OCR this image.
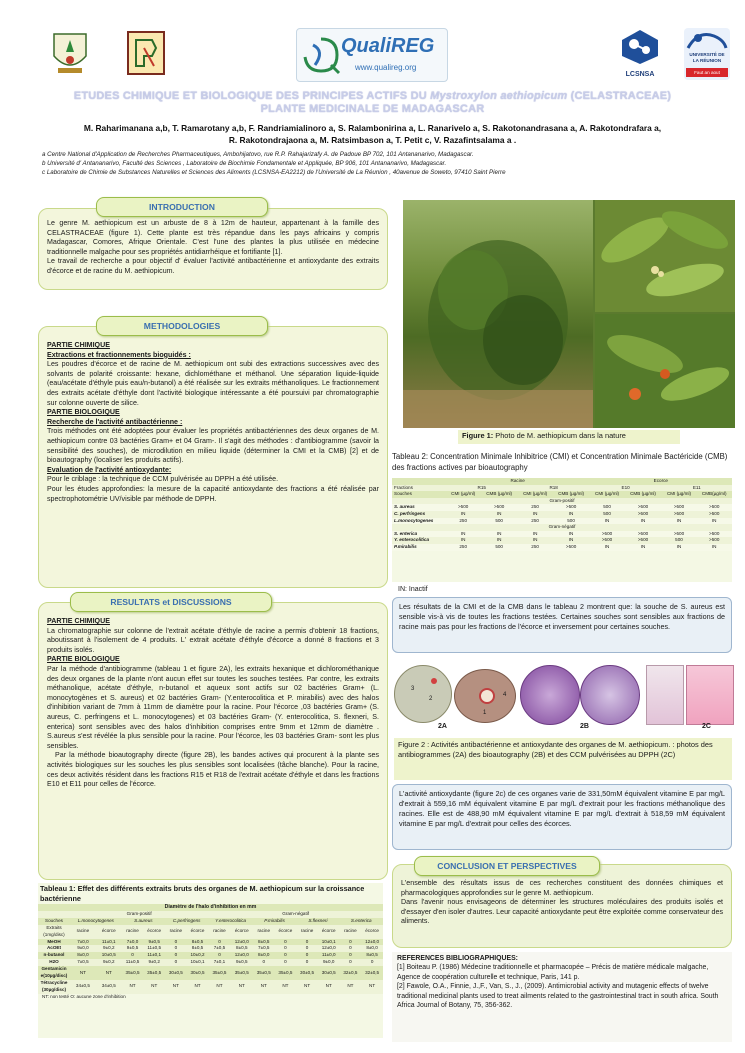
QualiREG
www.qualireg.org
LCSNSA
UNIVERSITÉ DE
LA RÉUNION
Faut an aout
ETUDES CHIMIQUE ET BIOLOGIQUE DES PRINCIPES ACTIFS DU Mystroxylon aethiopicum (CELASTRACEAE)
PLANTE MEDICINALE DE MADAGASCAR
M. Raharimanana a,b, T. Ramarotany a,b, F. Randriamialinoro a, S. Ralambonirina a, L. Ranarivelo a, S. Rakotonandrasana a, A. Rakotondrafara a,
R. Rakotondrajaona a, M. Ratsimbason a, T. Petit c, V. Razafintsalama a .
a Centre National d'Application de Recherches Pharmaceutiques, Ambohijatovo, rue R.P. Rahajarizafy A. de Padoue BP 702, 101 Antananarivo, Madagascar.
b Université d' Antananarivo, Faculté des Sciences , Laboratoire de Biochimie Fondamentale et Appliquée, BP 906, 101 Antananarivo, Madagascar.
c Laboratoire de Chimie de Substances Naturelles et Sciences des Aliments (LCSNSA-EA2212) de l'Université de La Réunion , 40avenue de Soweto, 97410 Saint Pierre

Le genre M. aethiopicum est un arbuste de 8 à 12m de hauteur, appartenant à la famille des CELASTRACEAE (figure 1). Cette plante est très répandue dans les pays africains y compris Madagascar, Comores, Afrique Orientale. C'est l'une des plantes la plus utilisée en médecine traditionnelle malgache pour ses propriétés antidiarrhéique et fortifiante [1].

Le travail de recherche a pour objectif d' évaluer l'activité antibactérienne et antioxydante des extraits d'écorce et de racine du M. aethiopicum.

INTRODUCTION

PARTIE CHIMIQUE

Extractions et fractionnements bioguidés :

Les poudres d'écorce et de racine de M. aethiopicum ont subi des extractions successives avec des solvants de polarité croissante: hexane, dichlométhane et méthanol. Une séparation liquide-liquide (eau/acétate d'éthyle puis eau/n-butanol) a été réalisée sur les extraits méthanoliques. Le fractionnement des extraits acétate d'éthyle dont l'activité biologique intéressante a été poursuivi par chromatographie sur colonne ouverte de silice.

PARTIE BIOLOGIQUE

Recherche de l'activité antibactérienne :

Trois méthodes ont été adoptées pour évaluer les propriétés antibactériennes des deux organes de M. aethiopicum contre 03 bactéries Gram+ et 04 Gram-. Il s'agit des méthodes : d'antibiogramme (savoir la sensibilité des souches), de microdilution en milieu liquide (déterminer la CMI et la CMB) [2] et de bioautography (localiser les produits actifs).

Evaluation de l'activité antioxydante:

Pour le criblage : la technique de CCM pulvérisée au DPPH a été utilisée.

Pour les études approfondies: la mesure de la capacité antioxydante des fractions a été réalisée par spectrophotométrie UV/visible par méthode de DPPH.

METHODOLOGIES

PARTIE CHIMIQUE

La chromatographie sur colonne de l'extrait acétate d'éthyle de racine a permis d'obtenir 18 fractions, aboutissant à l'isolement de 4 produits. L' extrait acétate d'éthyle d'écorce a donné 8 fractions et 3 produits isolés.

PARTIE BIOLOGIQUE

Par la méthode d'antibiogramme (tableau 1 et figure 2A), les extraits hexanique et dichlorométhanique des deux organes de la plante n'ont aucun effet sur toutes les souches testées. Par contre, les extraits méthanolique, acétate d'éthyle, n-butanol et aqueux sont actifs sur 02 bactéries Gram+ (L. monocytogènes et S. aureus) et 02 bactéries Gram- (Y.enterocolitica et P. mirabilis) avec des halos d'inhibition variant de 7mm à 11mm de diamètre pour la racine. Pour l'écorce ,03 bactéries Gram+ (S. aureus, C. perfringens et L. monocytogenes) et 03 bactéries Gram- (Y. enterocolitica, S. flexneri, S. enterica) sont sensibles avec des halos d'inhibition comprises entre 9mm et 12mm de diamètre . S.aureus s'est révélée la plus sensible pour la racine. Pour l'écorce, les 03 bactéries Gram- sont les plus sensibles.

Par la méthode bioautography directe (figure 2B), les bandes actives qui procurent à la plante ses activités biologiques sur les souches les plus sensibles sont localisées (tâche blanche). Pour la racine, ces deux activités résident dans les fractions R15 et R18 de l'extrait acétate d'éthyle et dans les fractions E10 et E11 pour celles de l'écorce.

RESULTATS et DISCUSSIONS
Tableau 1: Effet des différents extraits bruts des organes de M. aethiopicum sur la croissance bactérienne
Diamètre de l'halo d'inhibition en mm														
	Gram-positif						Gram-négatif							
Souches	L.monocytogenes		S.aureus		C.perfringens		Y.enterocolitica		P.mirabilis		S.flexneri		S.enterica	
Extraits (1mg/disc)	racine	écorce	racine	écorce	racine	écorce	racine	écorce	racine	écorce	racine	écorce	racine	écorce
MeOH	7±0,0	11±0,1	7±0,0	9±0,5	0	8±0,5	0	12±0,0	8±0,5	0	0	10±0,1	0	12±0,0
AcOEt	9±0,0	9±0,2	9±0,5	11±0,5	0	8±0,5	7±0,5	8±0,5	7±0,5	0	0	12±0,0	0	8±0,0
n-butanol	8±0,0	10±0,5	0	11±0,1	0	10±0,2	0	12±0,0	8±0,0	0	0	11±0,0	0	8±0,5
H2O	7±0,5	9±0,2	11±0,5	9±0,2	0	10±0,1	7±0,1	9±0,5	0	0	0	9±0,0	0	0
Gentamicin e(10µg/disc)	NT	NT	35±0,5	35±0,5	30±0,5	30±0,5	35±0,5	35±0,5	35±0,5	35±0,5	30±0,5	30±0,5	32±0,5	32±0,5
Tétracycline (30µg/disc)	34±0,5	34±0,5	NT	NT	NT	NT	NT	NT	NT	NT	NT	NT	NT	NT
NT: non testé O: aucune zone d'inhibition
Figure 1: Photo de M. aethiopicum dans la nature
Tableau 2: Concentration Minimale Inhibitrice (CMI) et Concentration Minimale Bactéricide (CMB) des fractions actives par bioautography
	Racine				Ecorce			
Fractions	R15		R18		E10		E11	
Souches	CMI (µg/ml)	CMB (µg/ml)	CMI (µg/ml)	CMB (µg/ml)	CMI (µg/ml)	CMB (µg/ml)	CMI (µg/ml)	CMB(µg/ml)
Gram-positif								
S. aureus	>500	>500	250	>500	500	>500	>500	>500
C. perfringens	IN	IN	IN	IN	500	>500	>500	>500
L.monocytogenes	250	500	250	500	IN	IN	IN	IN
Gram-négatif								
S. enterica	IN	IN	IN	IN	>500	>500	>500	>500
Y. enterocolitica	IN	IN	IN	IN	>500	>500	500	>500
P.mirabilis	250	500	250	>500	IN	IN	IN	IN
IN: Inactif
Les résultats de la CMI et de la CMB dans le tableau 2 montrent que: la souche de S. aureus est sensible vis-à vis de toutes les fractions testées. Certaines souches sont sensibles aux fractions de racine mais pas pour les fractions de l'écorce et inversement pour certaines souches.
3
2
1
4
2A	2B	2C
Figure 2 : Activités antibactérienne et antioxydante des organes de M. aethiopicum. : photos des antibiogrammes (2A) des bioautography (2B) et des CCM pulvérisées au DPPH (2C)
L'activité antioxydante (figure 2c) de ces organes varie de 331,50mM équivalent vitamine E par mg/L d'extrait à 559,16 mM équivalent vitamine E par mg/L d'extrait pour les fractions méthanolique des racines. Elle est de 488,90 mM équivalent vitamine E par mg/L d'extrait à 518,59 mM équivalent vitamine E par mg/L d'extrait pour celles des écorces.

L'ensemble des résultats issus de ces recherches constituent des données chimiques et pharmacologiques approfondies sur le genre M. aethiopicum.

Dans l'avenir nous envisageons de déterminer les structures moléculaires des produits isolés et d'essayer d'en isoler d'autres. Leur capacité antioxydante peut être exploitée comme conservateur des aliments.

CONCLUSION ET PERSPECTIVES
REFERENCES BIBLIOGRAPHIQUES:
[1] Boiteau P. (1986) Médecine traditionnelle et pharmacopée – Précis de matière médicale malgache, Agence de coopération culturelle et technique, Paris, 141 p.
[2] Fawole, O.A., Finnie, J.,F., Van, S., J., (2009). Antimicrobial activity and mutagenic effects of twelve traditional medicinal plants used to treat ailments related to the gastrointestinal tract in south africa. South Africa Journal of Botany, 75, 356-362.
